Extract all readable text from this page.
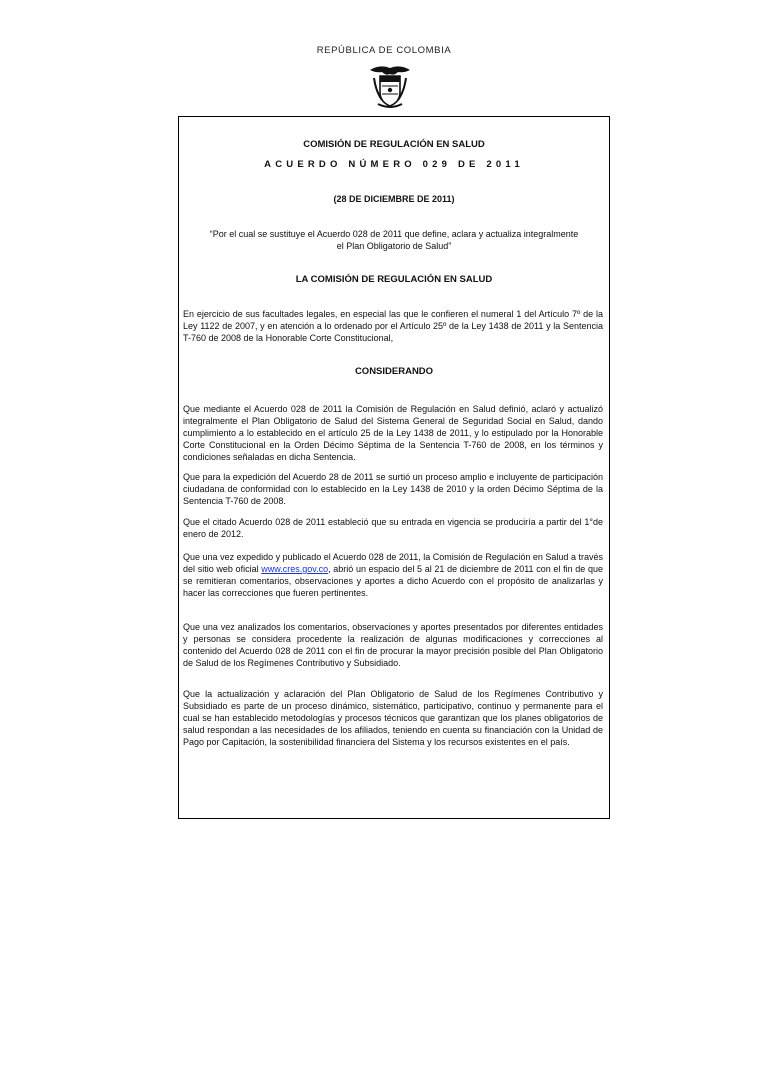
REPÚBLICA DE COLOMBIA
COMISIÓN DE REGULACIÓN EN SALUD
ACUERDO NÚMERO 029 DE 2011
(28 DE DICIEMBRE DE 2011)
“Por el cual se sustituye el Acuerdo 028 de 2011 que define, aclara y actualiza integralmente
el Plan Obligatorio de Salud”
LA COMISIÓN DE REGULACIÓN EN SALUD

En ejercicio de sus facultades legales, en especial las que le confieren el numeral 1 del Artículo 7º de la Ley 1122 de 2007, y en atención a lo ordenado por el Artículo 25º de la Ley 1438 de 2011 y la Sentencia T-760 de 2008 de la Honorable Corte Constitucional,

CONSIDERANDO

Que mediante el Acuerdo 028 de 2011 la Comisión de Regulación en Salud definió, aclaró y actualizó integralmente el Plan Obligatorio de Salud del Sistema General de Seguridad Social en Salud, dando cumplimiento a lo establecido en el artículo 25 de la Ley 1438 de 2011, y lo estipulado por la Honorable Corte Constitucional en la Orden Décimo Séptima de la Sentencia T-760 de 2008, en los términos y condiciones señaladas en dicha Sentencia.

Que para la expedición del Acuerdo 28 de 2011 se surtió un proceso amplio e incluyente de participación ciudadana de conformidad con lo establecido en la Ley 1438 de 2010 y la orden Décimo Séptima de la Sentencia T-760 de 2008.

Que el citado Acuerdo 028 de 2011 estableció que su entrada en vigencia se produciría a partir del 1°de enero de 2012.

Que una vez expedido y publicado el Acuerdo 028 de 2011, la Comisión de Regulación en Salud a través del sitio web oficial www.cres.gov.co, abrió un espacio del 5 al 21 de diciembre de 2011 con el fin de que se remitieran comentarios, observaciones y aportes a dicho Acuerdo con el propósito de analizarlas y hacer las correcciones que fueren pertinentes.

Que una vez analizados los comentarios, observaciones y aportes presentados por diferentes entidades y personas se considera procedente la realización de algunas modificaciones y correcciones al contenido del Acuerdo 028 de 2011 con el fin de procurar la mayor precisión posible del Plan Obligatorio de Salud de los Regímenes Contributivo y Subsidiado.

Que la actualización y aclaración del Plan Obligatorio de Salud de los Regímenes Contributivo y Subsidiado es parte de un proceso dinámico, sistemático, participativo, continuo y permanente para el cual se han establecido metodologías y procesos técnicos que garantizan que los planes obligatorios de salud respondan a las necesidades de los afiliados, teniendo en cuenta su financiación con la Unidad de Pago por Capitación, la sostenibilidad financiera del Sistema y los recursos existentes en el país.
